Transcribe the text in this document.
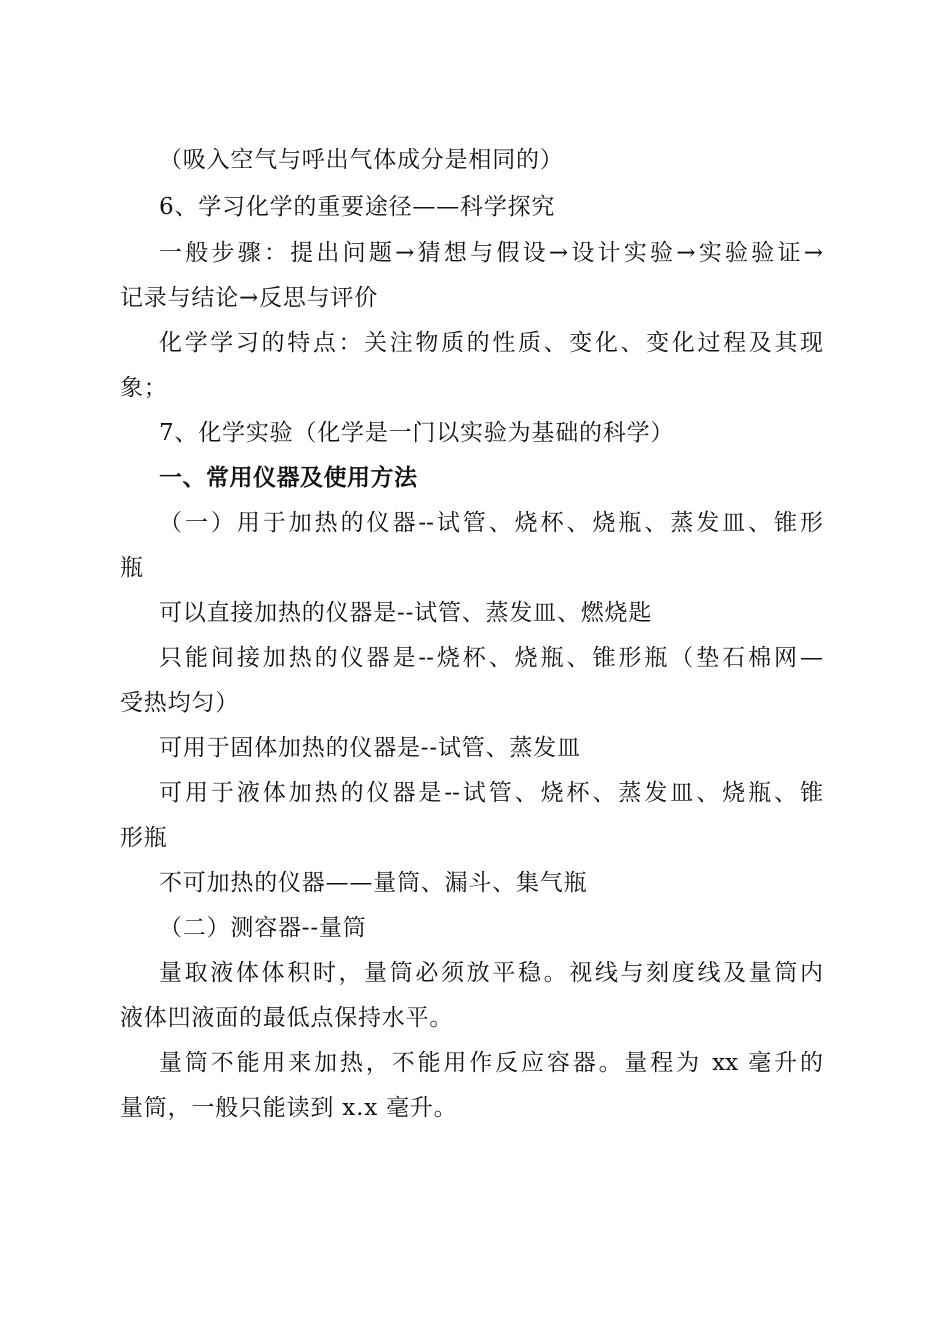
（吸入空气与呼出气体成分是相同的）
6、学习化学的重要途径——科学探究
一般步骤：提出问题→猜想与假设→设计实验→实验验证→
记录与结论→反思与评价
化学学习的特点：关注物质的性质、变化、变化过程及其现
象；
7、化学实验（化学是一门以实验为基础的科学）
一、常用仪器及使用方法
（一）用于加热的仪器--试管、烧杯、烧瓶、蒸发皿、锥形
瓶
可以直接加热的仪器是--试管、蒸发皿、燃烧匙
只能间接加热的仪器是--烧杯、烧瓶、锥形瓶（垫石棉网—
受热均匀）
可用于固体加热的仪器是--试管、蒸发皿
可用于液体加热的仪器是--试管、烧杯、蒸发皿、烧瓶、锥
形瓶
不可加热的仪器——量筒、漏斗、集气瓶
（二）测容器--量筒
量取液体体积时，量筒必须放平稳。视线与刻度线及量筒内
液体凹液面的最低点保持水平。
量筒不能用来加热，不能用作反应容器。量程为 xx 毫升的
量筒，一般只能读到 x.x 毫升。
